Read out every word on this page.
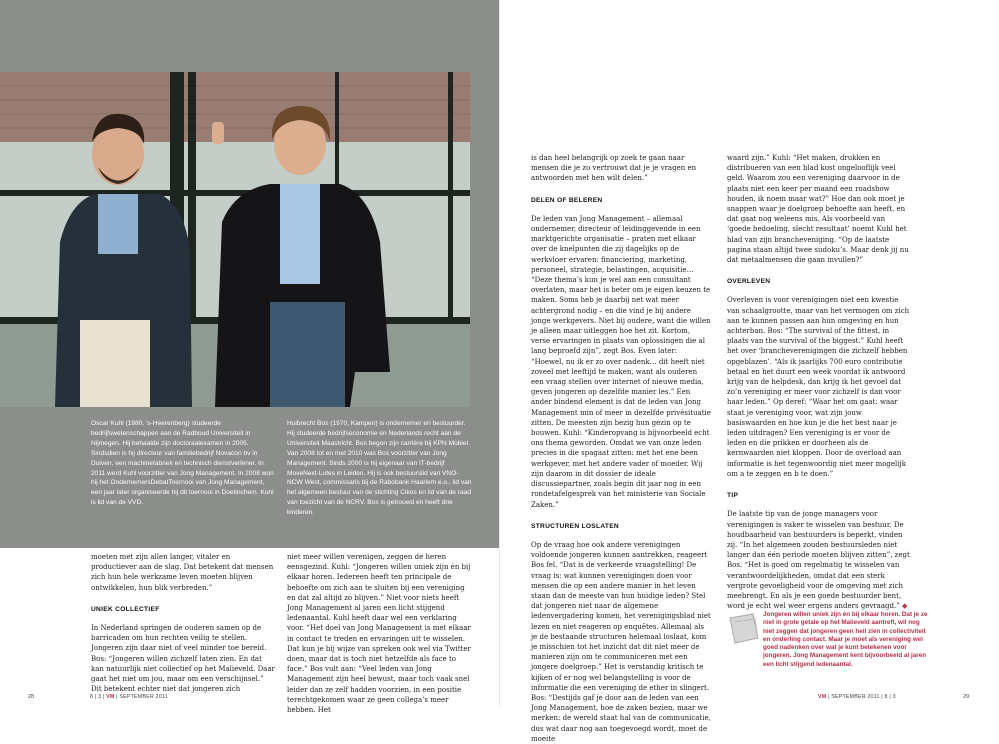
Oscar Kuhl (1980, 's-Heerenberg) studeerde bedrijfswetenschappen aan de Radboud Universiteit in Nijmegen. Hij behaalde zijn doctoraalexamen in 2005. Sindsdien is hij directeur van familiebedrijf Novacon bv in Duiven, een machinefabriek en technisch dienstverlener. In 2011 werd Kuhl voorzitter van Jong Management. In 2008 won hij het OndernemersDebatToernooi van Jong Management, een jaar later organiseerde hij dit toernooi in Doetinchem. Kuhl is lid van de VVD.
Huibrecht Bos (1970, Kampen) is ondernemer en bestuurder. Hij studeerde bedrijfseconomie en Nederlands recht aan de Universiteit Maastricht. Bos begon zijn carrière bij KPN Mobiel. Van 2008 tot en met 2010 was Bos voorzitter van Jong Management. Sinds 2000 is hij eigenaar van IT-bedrijf MoveNext-Lutes in Leiden. Hij is ook bestuurslid van VNO-NCW West, commissaris bij de Rabobank Haarlem e.o., lid van het algemeen bestuur van de stichting Cikos en lid van de raad van toezicht van de NCRV. Bos is getrouwd en heeft drie kinderen.

moeten met zijn allen langer, vitaler en productiever aan de slag. Dat betekent dat mensen zich hun hele werkzame leven moeten blijven ontwikkelen, hun blik verbreden.”

UNIEK COLLECTIEF

In Nederland springen de ouderen samen op de barricaden om hun rechten veilig te stellen. Jongeren zijn daar niet of veel minder toe bereid. Bos: “Jongeren willen zichzelf laten zien. En dat kan natuurlijk niet collectief op het Malieveld. Daar gaat het niet om jou, maar om een verschijnsel.” Dit betekent echter niet dat jongeren zich

niet meer willen verenigen, zeggen de heren eensgezind. Kuhl: “Jongeren willen uniek zijn én bij elkaar horen. Iedereen heeft ten principale de behoefte om zich aan te sluiten bij een vereniging en dat zal altijd zo blijven.” Niet voor niets heeft Jong Management al jaren een licht stijgend ledenaantal. Kuhl heeft daar wel een verklaring voor. “Het doel van Jong Management is met elkaar in contact te treden en ervaringen uit te wisselen. Dat kun je bij wijze van spreken ook wel via Twitter doen, maar dat is toch niet hetzelfde als face to face.” Bos vult aan: “Veel leden van Jong Management zijn heel bewust, maar toch vaak snel leider dan ze zelf hadden voorzien, in een positie terechtgekomen waar ze geen collega’s meer hebben. Het

28	8 | 3 | VM | SEPTEMBER 2011

is dan heel belangrijk op zoek te gaan naar mensen die je zo vertrouwt dat je je vragen en antwoorden met hen wilt delen.”

DELEN OF BELEREN

De leden van Jong Management – allemaal ondernemer, directeur of leidinggevende in een marktgerichte organisatie – praten met elkaar over de knelpunten die zij dagelijks op de werkvloer ervaren: financiering, marketing, personeel, strategie, belastingen, acquisitie… “Deze thema’s kun je wel aan een consultant overlaten, maar het is beter om je eigen keuzen te maken. Soms heb je daarbij net wat meer achtergrond nodig – en die vind je bij andere jonge werkgevers. Niet bij oudere, want die willen je alleen maar uitleggen hoe het zit. Kortom, verse ervaringen in plaats van oplossingen die al lang beproefd zijn”, zegt Bos. Even later: “Hoewel, nu ik er zo over nadenk… dit heeft niet zoveel met leeftijd te maken, want als ouderen een vraag stellen over internet of nieuwe media, geven jongeren op dezelfde manier les.” Een ander bindend element is dat de leden van Jong Management min of meer in dezelfde privésituatie zitten. De meesten zijn bezig hun gezin op te bouwen. Kuhl: “Kinderopvang is bijvoorbeeld echt ons thema geworden. Omdat we van onze leden precies in die spagaat zitten: met het ene been werkgever, met het andere vader of moeder. Wij zijn daarom in dit dossier de ideale discussiepartner, zoals begin dit jaar nog in een rondetafelgesprek van het ministerie van Sociale Zaken.”

STRUCTUREN LOSLATEN

Op de vraag hoe ook andere verenigingen voldoende jongeren kunnen aantrekken, reageert Bos fel. “Dat is de verkeerde vraagstelling! De vraag is: wat kunnen verenigingen doen voor mensen die op een andere manier in het leven staan dan de meeste van hun huidige leden? Stel dat jongeren niet naar de algemene ledenvergadering komen, het verenigingsblad niet lezen en niet reageren op enquêtes. Allemaal als je de bestaande structuren helemaal loslaat, kom je misschien tot het inzicht dat dit niet meer de manieren zijn om te communiceren met een jongere doelgroep.” Het is verstandig kritisch te kijken of er nog wel belangstelling is voor de informatie die een vereniging de ether in slingert. Bos: “Destijds gaf je door aan de leden van een Jong Management, hoe de zaken bezien, maar we merken: de wereld staat hal van de communicatie, dus wat daar nog aan toegevoegd wordt, moet de moeite

waard zijn.” Kuhl: “Het maken, drukken en distribueren van een blad kost ongelooflijk veel geld. Waarom zou een vereniging daarvoor in de plaats niet een keer per maand een roadshow houden, ik noem maar wat?” Hoe dan ook moet je snappen waar je doelgroep behoefte aan heeft, en dat gaat nog weleens mis. Als voorbeeld van ‘goede bedoeling, slecht resultaat’ noemt Kuhl het blad van zijn brancheveniging. “Op de laatste pagina staan altijd twee sudoku’s. Maar denk jij nu dat metaalmensen die gaan invullen?”

OVERLEVEN

Overleven is voor verenigingen niet een kwestie van schaalgrootte, maar van het vermogen om zich aan te kunnen passen aan hun omgeving en hun achterban. Bos: “The survival of the fittest, in plaats van the survival of the biggest.” Kuhl heeft het over ‘brancheverenigingen die zichzelf hebben opgeblazen’. “Als ik jaarlijks 700 euro contributie betaal en het duurt een week voordat ik antwoord krijg van de helpdesk, dan krijg ik het gevoel dat zo’n vereniging er meer voor zichzelf is dan voor haar leden.” Op deref: “Waar het om gaat: waar staat je vereniging voor, wat zijn jouw basiswaarden en hoe kun je die het best naar je leden uitdragen? Een vereniging is er voor de leden en die prikken er doorheen als de kernwaarden niet kloppen. Door de overload aan informatie is het tegenwoordig niet meer mogelijk om a te zeggen en b te doen.”

TIP

De laatste tip van de jonge managers voor verenigingen is vaker te wisselen van bestuur. De houdbaarheid van bestuurders is beperkt, vinden zij. “In het algemeen zouden bestuursleden niet langer dan één periode moeten blijven zitten”, zegt Bos. “Het is goed om regelmatig te wisselen van verantwoordelijkheden, omdat dat een sterk vergrote gevoeligheid voor de omgeving met zich meebrengt. En als je een goede bestuurder bent, word je echt wel weer ergens anders gevraagd.” ◆

Jongeren willen uniek zijn én bij elkaar horen. Dat je ze niet in grote getale op het Malieveld aantreft, wil nog niet zeggen dat jongeren geen heil zien in collectiviteit en onderling contact. Maar je moet als vereniging wel goed nadenken over wat je kunt betekenen voor jongeren. Jong Management kent bijvoorbeeld al jaren een licht stijgend ledenaantal.
VM | SEPTEMBER 2011 | 8 | 3	29
